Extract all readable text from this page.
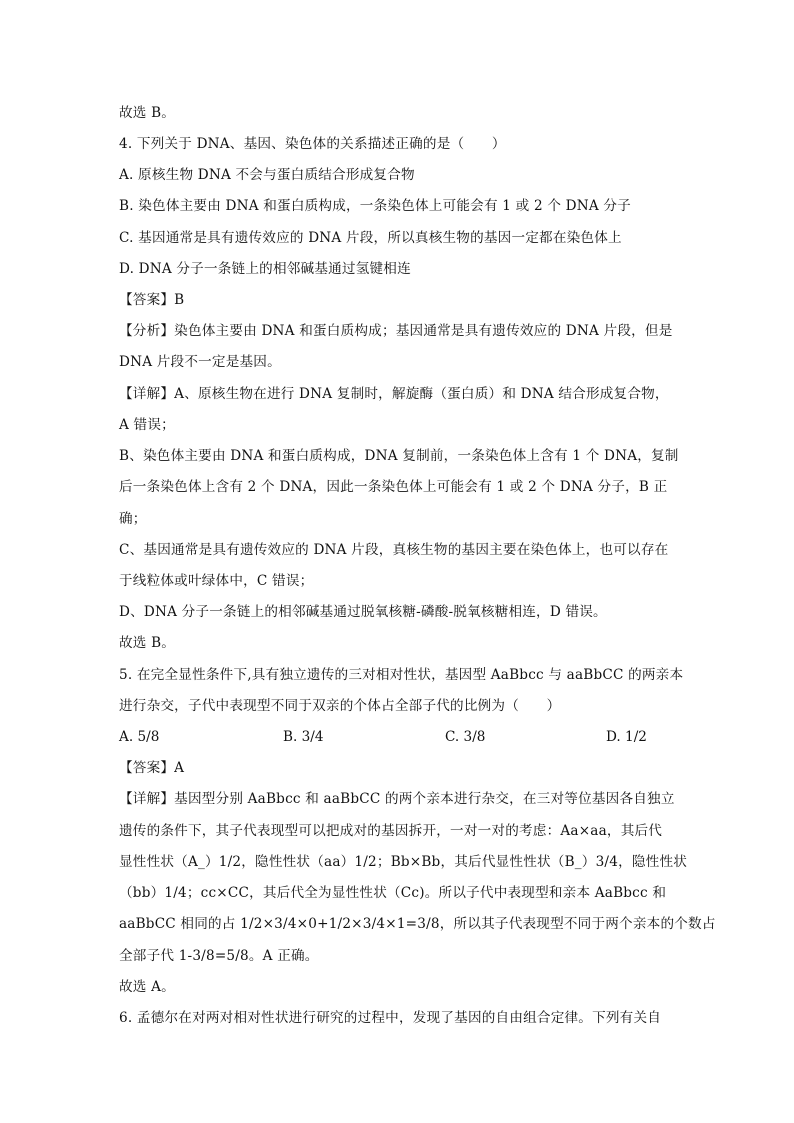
故选 B。
4. 下列关于 DNA、基因、染色体的关系描述正确的是（　　）
A. 原核生物 DNA 不会与蛋白质结合形成复合物
B. 染色体主要由 DNA 和蛋白质构成，一条染色体上可能会有 1 或 2 个 DNA 分子
C. 基因通常是具有遗传效应的 DNA 片段，所以真核生物的基因一定都在染色体上
D. DNA 分子一条链上的相邻碱基通过氢键相连
【答案】B
【分析】染色体主要由 DNA 和蛋白质构成；基因通常是具有遗传效应的 DNA 片段，但是
DNA 片段不一定是基因。
【详解】A、原核生物在进行 DNA 复制时，解旋酶（蛋白质）和 DNA 结合形成复合物，
A 错误；
B、染色体主要由 DNA 和蛋白质构成，DNA 复制前，一条染色体上含有 1 个 DNA，复制
后一条染色体上含有 2 个 DNA，因此一条染色体上可能会有 1 或 2 个 DNA 分子，B 正
确；
C、基因通常是具有遗传效应的 DNA 片段，真核生物的基因主要在染色体上，也可以存在
于线粒体或叶绿体中，C 错误；
D、DNA 分子一条链上的相邻碱基通过脱氧核糖-磷酸-脱氧核糖相连，D 错误。
故选 B。
5. 在完全显性条件下,具有独立遗传的三对相对性状，基因型 AaBbcc 与 aaBbCC 的两亲本
进行杂交，子代中表现型不同于双亲的个体占全部子代的比例为（　　）
A. 5/8	B. 3/4	C. 3/8	D. 1/2
【答案】A
【详解】基因型分别 AaBbcc 和 aaBbCC 的两个亲本进行杂交，在三对等位基因各自独立
遗传的条件下，其子代表现型可以把成对的基因拆开，一对一对的考虑：Aa×aa，其后代
显性性状（A_）1/2，隐性性状（aa）1/2；Bb×Bb，其后代显性性状（B_）3/4，隐性性状
（bb）1/4；cc×CC，其后代全为显性性状（Cc)。所以子代中表现型和亲本 AaBbcc 和
aaBbCC 相同的占 1/2×3/4×0+1/2×3/4×1=3/8，所以其子代表现型不同于两个亲本的个数占
全部子代 1-3/8=5/8。A 正确。
故选 A。
6. 孟德尔在对两对相对性状进行研究的过程中，发现了基因的自由组合定律。下列有关自
